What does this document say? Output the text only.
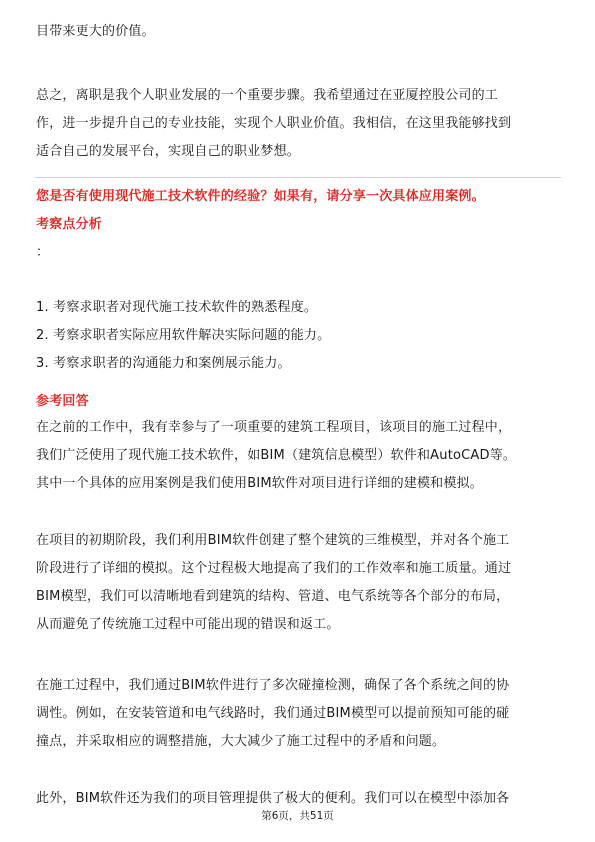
目带来更大的价值。
总之，离职是我个人职业发展的一个重要步骤。我希望通过在亚厦控股公司的工
作，进一步提升自己的专业技能，实现个人职业价值。我相信，在这里我能够找到
适合自己的发展平台，实现自己的职业梦想。
您是否有使用现代施工技术软件的经验？如果有，请分享一次具体应用案例。
考察点分析
：
1. 考察求职者对现代施工技术软件的熟悉程度。
2. 考察求职者实际应用软件解决实际问题的能力。
3. 考察求职者的沟通能力和案例展示能力。
参考回答
在之前的工作中，我有幸参与了一项重要的建筑工程项目，该项目的施工过程中，
我们广泛使用了现代施工技术软件，如BIM（建筑信息模型）软件和AutoCAD等。
其中一个具体的应用案例是我们使用BIM软件对项目进行详细的建模和模拟。
在项目的初期阶段，我们利用BIM软件创建了整个建筑的三维模型，并对各个施工
阶段进行了详细的模拟。这个过程极大地提高了我们的工作效率和施工质量。通过
BIM模型，我们可以清晰地看到建筑的结构、管道、电气系统等各个部分的布局，
从而避免了传统施工过程中可能出现的错误和返工。
在施工过程中，我们通过BIM软件进行了多次碰撞检测，确保了各个系统之间的协
调性。例如，在安装管道和电气线路时，我们通过BIM模型可以提前预知可能的碰
撞点，并采取相应的调整措施，大大减少了施工过程中的矛盾和问题。
此外，BIM软件还为我们的项目管理提供了极大的便利。我们可以在模型中添加各
第6页，共51页
